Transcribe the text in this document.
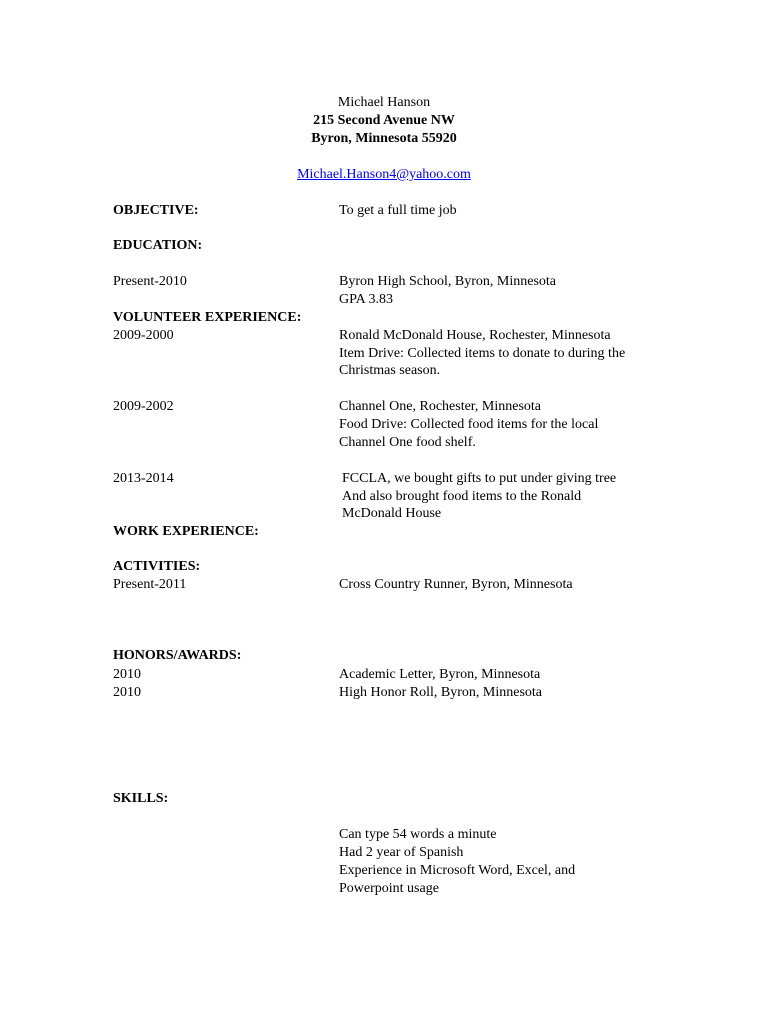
Michael Hanson
215 Second Avenue NW
Byron, Minnesota 55920
Michael.Hanson4@yahoo.com
OBJECTIVE:	To get a full time job
EDUCATION:
Present-2010	Byron High School, Byron, Minnesota
GPA 3.83
VOLUNTEER EXPERIENCE:
2009-2000	Ronald McDonald House, Rochester, Minnesota
Item Drive: Collected items to donate to during the
Christmas season.
2009-2002	Channel One, Rochester, Minnesota
Food Drive: Collected food items for the local
Channel One food shelf.
2013-2014	FCCLA, we bought gifts to put under giving tree
And also brought food items to the Ronald
McDonald House
WORK EXPERIENCE:
ACTIVITIES:
Present-2011	Cross Country Runner, Byron, Minnesota
HONORS/AWARDS:
2010	Academic Letter, Byron, Minnesota
2010	High Honor Roll, Byron, Minnesota
SKILLS:
Can type 54 words a minute
Had 2 year of Spanish
Experience in Microsoft Word, Excel, and
Powerpoint usage
